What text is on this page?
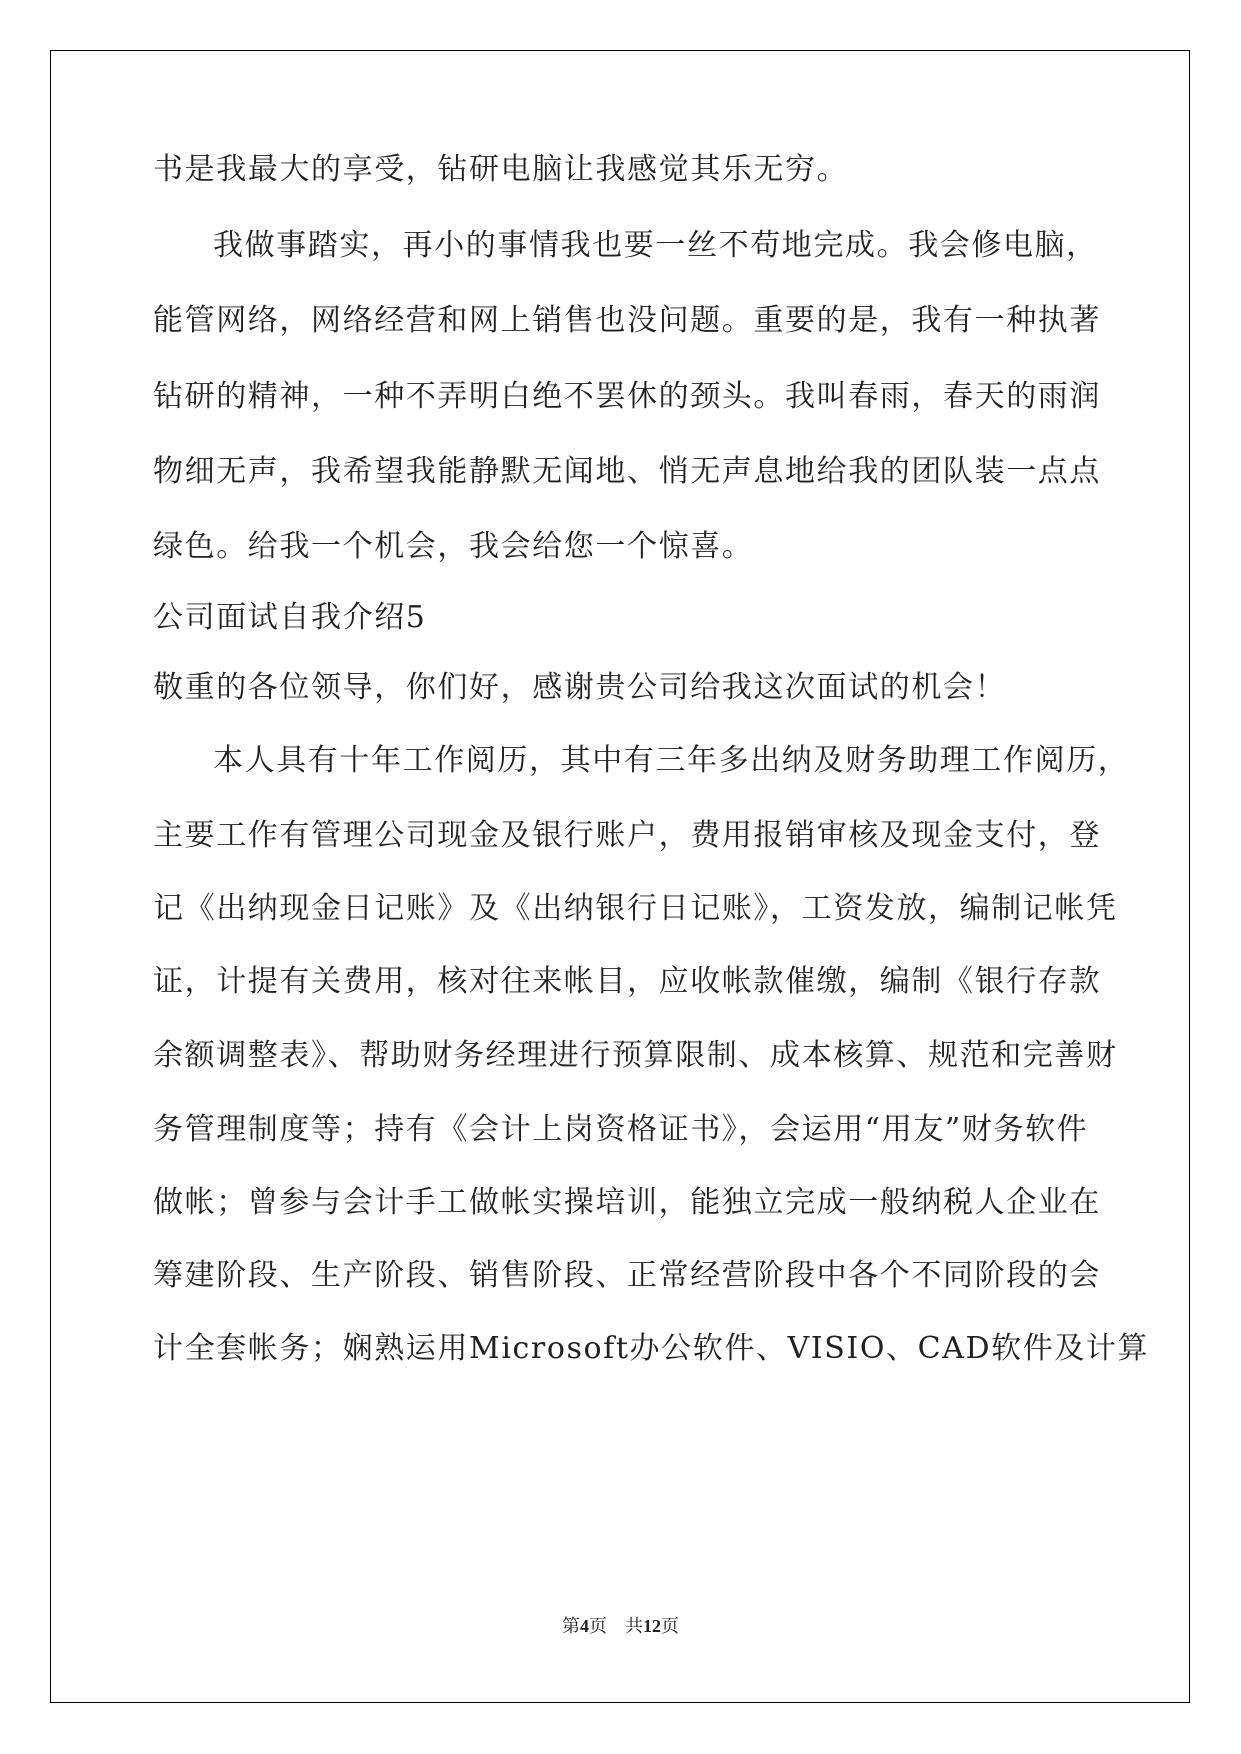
书是我最大的享受，钻研电脑让我感觉其乐无穷。

我做事踏实，再小的事情我也要一丝不苟地完成。我会修电脑，

能管网络，网络经营和网上销售也没问题。重要的是，我有一种执著

钻研的精神，一种不弄明白绝不罢休的颈头。我叫春雨，春天的雨润

物细无声，我希望我能静默无闻地、悄无声息地给我的团队装一点点

绿色。给我一个机会，我会给您一个惊喜。

公司面试自我介绍5

敬重的各位领导，你们好，感谢贵公司给我这次面试的机会！

本人具有十年工作阅历，其中有三年多出纳及财务助理工作阅历，

主要工作有管理公司现金及银行账户，费用报销审核及现金支付，登

记《出纳现金日记账》及《出纳银行日记账》，工资发放，编制记帐凭

证，计提有关费用，核对往来帐目，应收帐款催缴，编制《银行存款

余额调整表》、帮助财务经理进行预算限制、成本核算、规范和完善财

务管理制度等；持有《会计上岗资格证书》，会运用“用友”财务软件

做帐；曾参与会计手工做帐实操培训，能独立完成一般纳税人企业在

筹建阶段、生产阶段、销售阶段、正常经营阶段中各个不同阶段的会

计全套帐务；娴熟运用Microsoft办公软件、VISIO、CAD软件及计算

第4页　共12页
